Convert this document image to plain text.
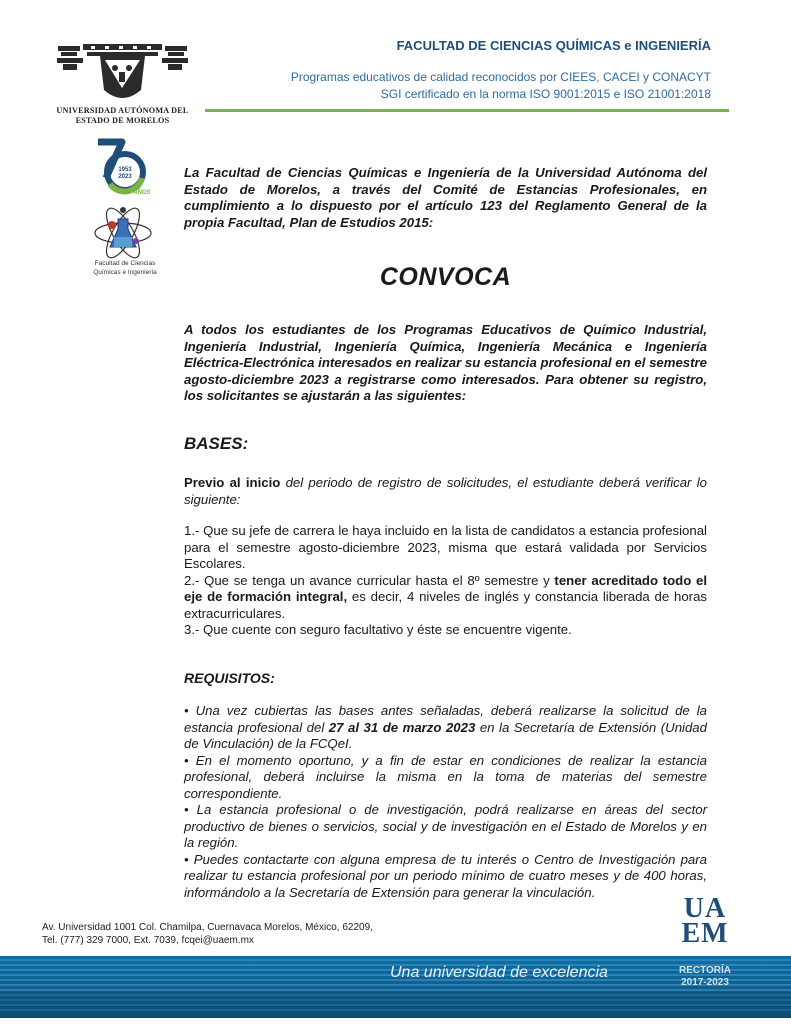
UNIVERSIDAD AUTÓNOMA DEL
ESTADO DE MORELOS
FACULTAD DE CIENCIAS QUÍMICAS e INGENIERÍA
Programas educativos de calidad reconocidos por CIEES, CACEI y CONACYT
SGI certificado en la norma ISO 9001:2015 e ISO 21001:2018
1953
2023
AÑOS
Facultad de Ciencias
Químicas e Ingeniería

La Facultad de Ciencias Químicas e Ingeniería de la Universidad Autónoma del Estado de Morelos, a través del Comité de Estancias Profesionales, en cumplimiento a lo dispuesto por el artículo 123 del Reglamento General de la propia Facultad, Plan de Estudios 2015:

CONVOCA

A todos los estudiantes de los Programas Educativos de Químico Industrial, Ingeniería Industrial, Ingeniería Química, Ingeniería Mecánica e Ingeniería Eléctrica-Electrónica interesados en realizar su estancia profesional en el semestre agosto-diciembre 2023 a registrarse como interesados. Para obtener su registro, los solicitantes se ajustarán a las siguientes:

BASES:

Previo al inicio del periodo de registro de solicitudes, el estudiante deberá verificar lo siguiente:

1.- Que su jefe de carrera le haya incluido en la lista de candidatos a estancia profesional para el semestre agosto-diciembre 2023, misma que estará validada por Servicios Escolares.

2.- Que se tenga un avance curricular hasta el 8º semestre y tener acreditado todo el eje de formación integral, es decir, 4 niveles de inglés y constancia liberada de horas extracurriculares.

3.- Que cuente con seguro facultativo y éste se encuentre vigente.

REQUISITOS:

• Una vez cubiertas las bases antes señaladas, deberá realizarse la solicitud de la estancia profesional del 27 al 31 de marzo 2023 en la Secretaría de Extensión (Unidad de Vinculación) de la FCQeI.

• En el momento oportuno, y a fin de estar en condiciones de realizar la estancia profesional, deberá incluirse la misma en la toma de materias del semestre correspondiente.

• La estancia profesional o de investigación, podrá realizarse en áreas del sector productivo de bienes o servicios, social y de investigación en el Estado de Morelos y en la región.

• Puedes contactarte con alguna empresa de tu interés o Centro de Investigación para realizar tu estancia profesional por un periodo mínimo de cuatro meses y de 400 horas, informándolo a la Secretaría de Extensión para generar la vinculación.

Av. Universidad 1001 Col. Chamilpa, Cuernavaca Morelos, México, 62209,
Tel. (777) 329 7000, Ext. 7039, fcqei@uaem.mx
UA
EM
Una universidad de excelencia	RECTORÍA
2017-2023
